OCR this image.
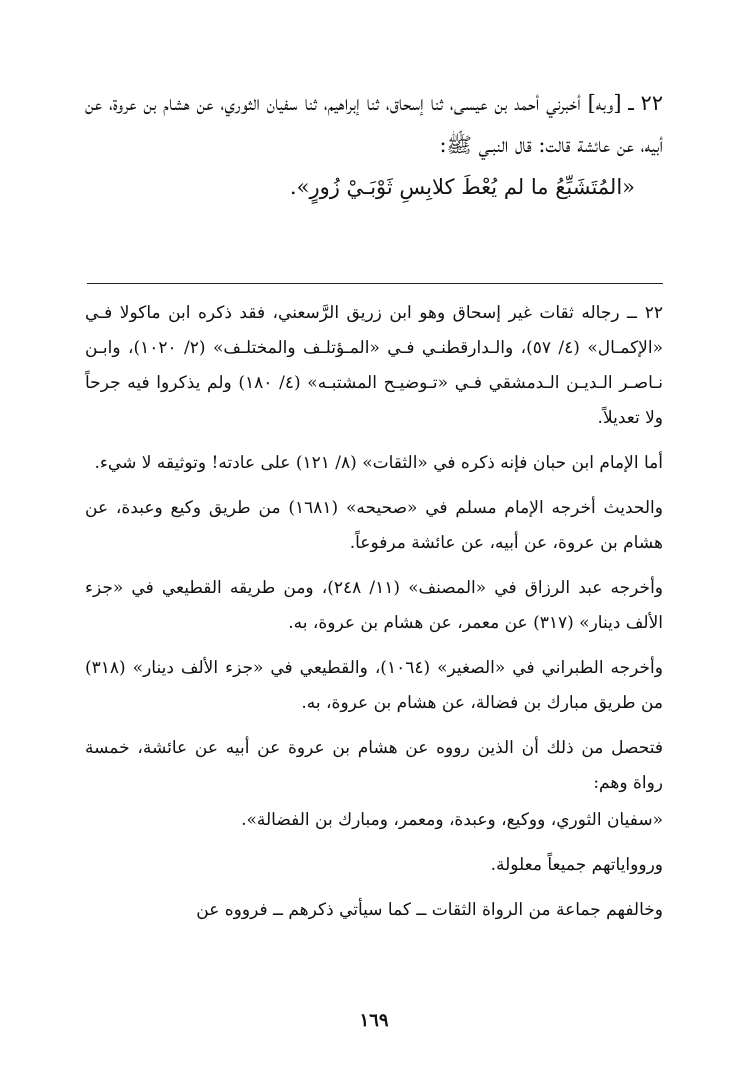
٢٢ ــ [وبه] أخبرني أحمد بن عيسى، ثنا إسحاق، ثنا إبراهيم، ثنا سفيان الثوري، عن هشام بن عروة، عن أبيه، عن عائشة قالت: قال النبـي ﷺ:

«المُتَشَبِّعُ ما لم يُعْطَ كلابِسِ ثَوْبَـيْ زُورٍ».

٢٢ــ رجاله ثقات غير إسحاق وهو ابن زريق الرَّسعني، فقد ذكره ابن ماكولا فـي «الإكمـال» (٤/ ٥٧)، والـدارقطنـي فـي «المـؤتلـف والمختلـف» (٢/ ١٠٢٠)، وابـن نـاصـر الـديـن الـدمشقي فـي «تـوضيـح المشتبـه» (٤/ ١٨٠) ولم يذكروا فيه جرحاً ولا تعديلاً.

أما الإمام ابن حبان فإنه ذكره في «الثقات» (٨/ ١٢١) على عادته! وتوثيقه لا شيء.

والحديث أخرجه الإمام مسلم في «صحيحه» (١٦٨١) من طريق وكيع وعبدة، عن هشام بن عروة، عن أبيه، عن عائشة مرفوعاً.

وأخرجه عبد الرزاق في «المصنف» (١١/ ٢٤٨)، ومن طريقه القطيعي في «جزء الألف دينار» (٣١٧) عن معمر، عن هشام بن عروة، به.

وأخرجه الطبراني في «الصغير» (١٠٦٤)، والقطيعي في «جزء الألف دينار» (٣١٨) من طريق مبارك بن فضالة، عن هشام بن عروة، به.

فتحصل من ذلك أن الذين رووه عن هشام بن عروة عن أبيه عن عائشة، خمسة رواة وهم:

«سفيان الثوري، ووكيع، وعبدة، ومعمر، ومبارك بن الفضالة».

وروواياتهم جميعاً معلولة.

وخالفهم جماعة من الرواة الثقات ــ كما سيأتي ذكرهم ــ فرووه عن

١٦٩
